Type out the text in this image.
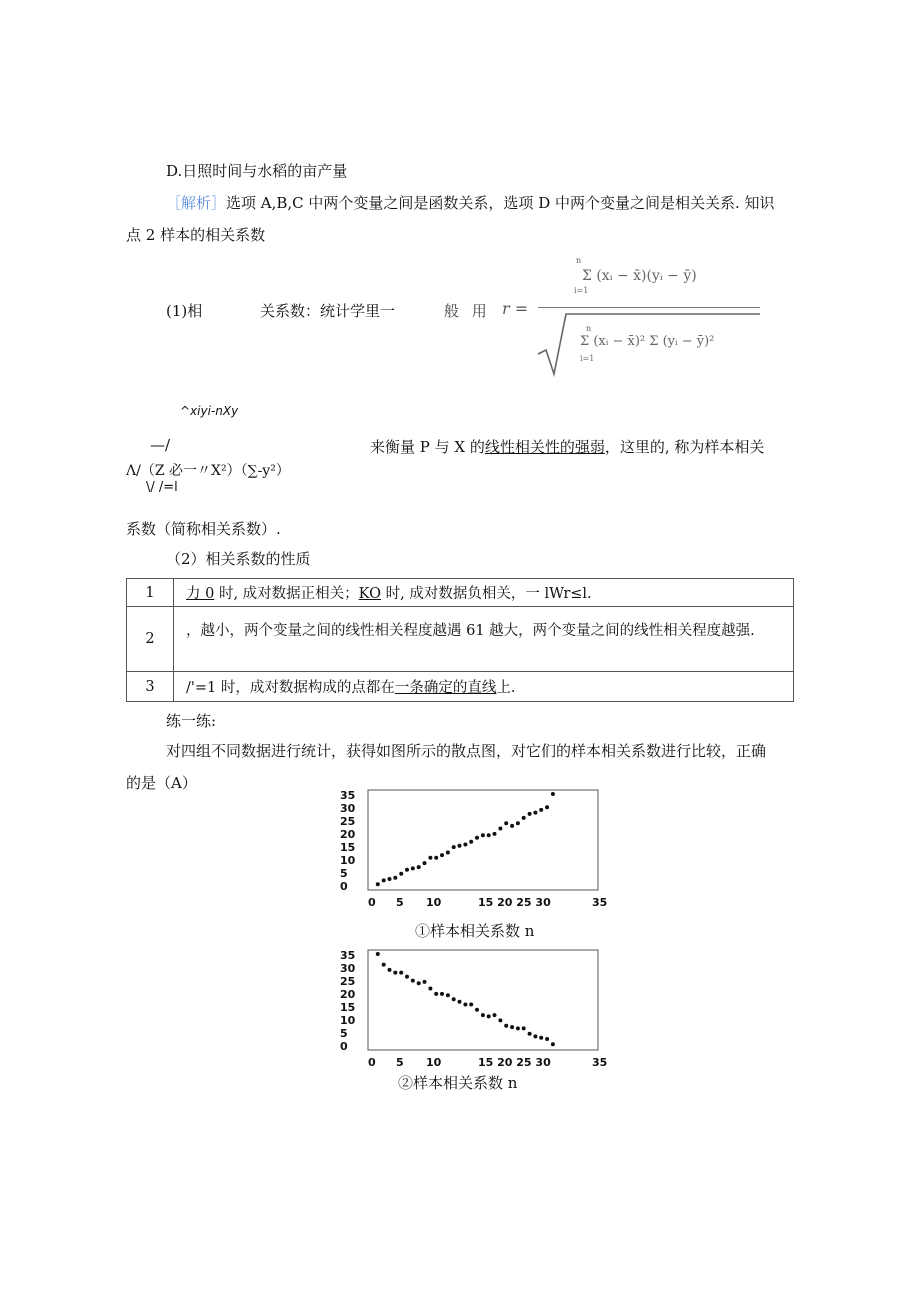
D.日照时间与水稻的亩产量
［解析］选项 A,B,C 中两个变量之间是函数关系，选项 D 中两个变量之间是相关关系. 知识
点 2 样本的相关系数
(1)相	关系数：统计学里一	般 用 r =
n
Σ (xᵢ − x̄)(yᵢ − ȳ)
i=1
n
Σ (xᵢ − x̄)² Σ (yᵢ − ȳ)²
i=1
^xiyi-nXy
—/	来衡量 P 与 X 的线性相关性的强弱，这里的, 称为样本相关
Λ/（Z 必一〃X²）（∑-y²）
\/ /=l
系数（简称相关系数）.
（2）相关系数的性质
1	力 0 时, 成对数据正相关；KO 时, 成对数据负相关，一 lWr≤l.
2	，越小，两个变量之间的线性相关程度越遇 61 越大，两个变量之间的线性相关程度越强.
3	/'=1 时，成对数据构成的点都在一条确定的直线上.
练一练:
对四组不同数据进行统计，获得如图所示的散点图，对它们的样本相关系数进行比较，正确
的是（A）
35
30
25
20
15
10
5
0
0 5 10	15 20 25 30	35
①样本相关系数 n
35
30
25
20
15
10
5
0
0 5 10	15 20 25 30	35
②样本相关系数 n
